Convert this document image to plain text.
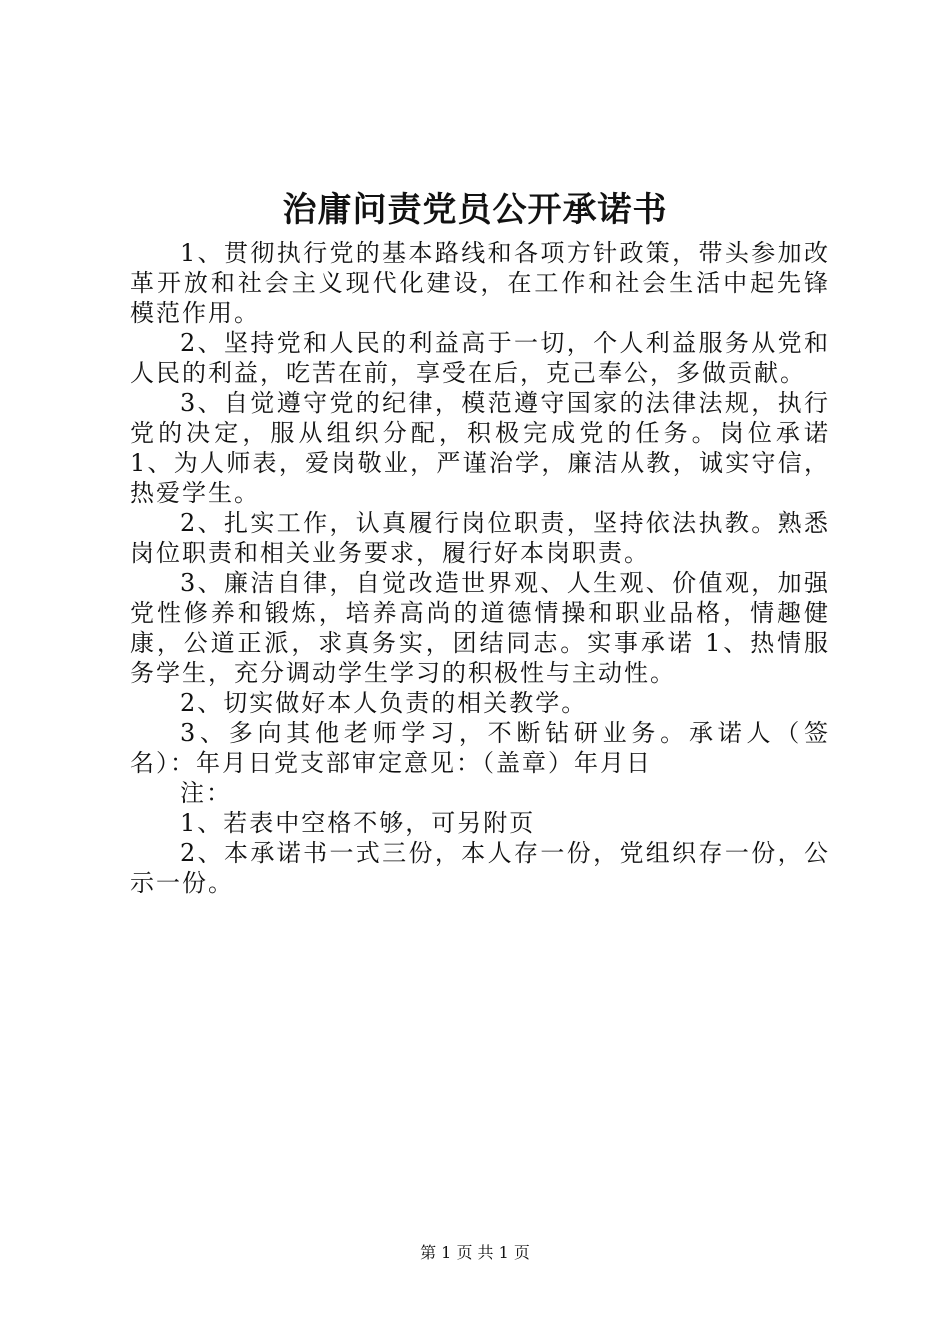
治庸问责党员公开承诺书

1、贯彻执行党的基本路线和各项方针政策，带头参加改革开放和社会主义现代化建设，在工作和社会生活中起先锋模范作用。

2、坚持党和人民的利益高于一切，个人利益服务从党和人民的利益，吃苦在前，享受在后，克己奉公，多做贡献。

3、自觉遵守党的纪律，模范遵守国家的法律法规，执行党的决定，服从组织分配，积极完成党的任务。岗位承诺 1、为人师表，爱岗敬业，严谨治学，廉洁从教，诚实守信，热爱学生。

2、扎实工作，认真履行岗位职责，坚持依法执教。熟悉岗位职责和相关业务要求，履行好本岗职责。

3、廉洁自律，自觉改造世界观、人生观、价值观，加强党性修养和锻炼，培养高尚的道德情操和职业品格，情趣健康，公道正派，求真务实，团结同志。实事承诺 1、热情服务学生，充分调动学生学习的积极性与主动性。

2、切实做好本人负责的相关教学。

3、多向其他老师学习，不断钻研业务。承诺人（签名）：年月日党支部审定意见：（盖章）年月日

注：

1、若表中空格不够，可另附页

2、本承诺书一式三份，本人存一份，党组织存一份，公示一份。

第 1 页 共 1 页
